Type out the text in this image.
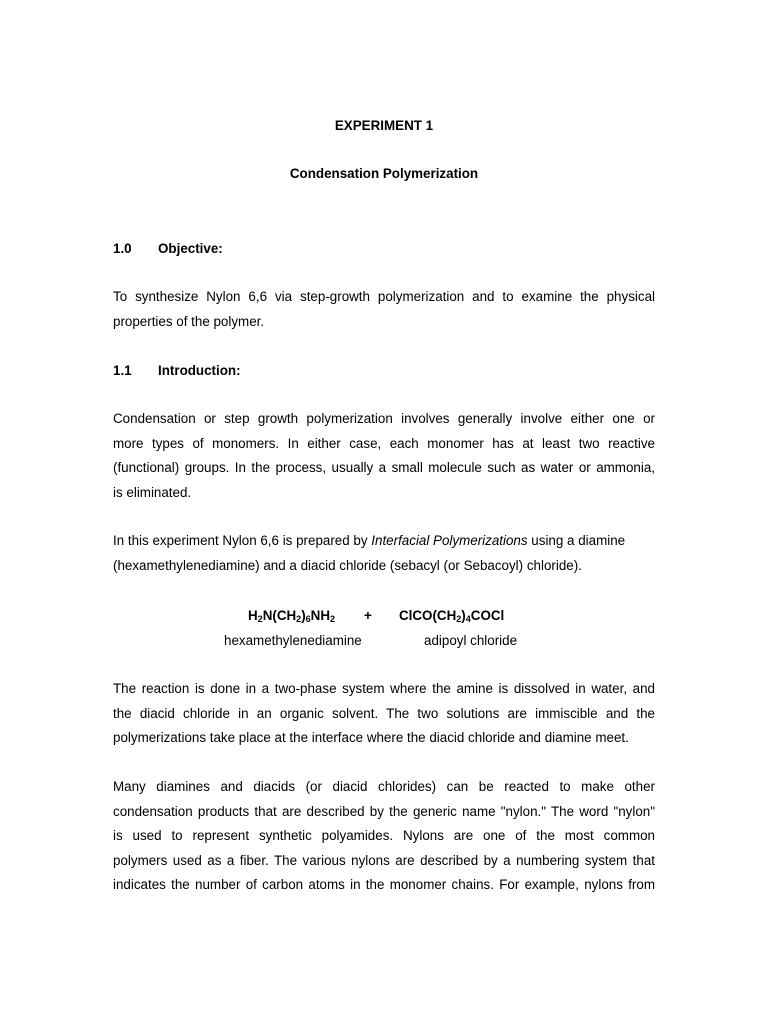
EXPERIMENT 1
Condensation Polymerization
1.0 Objective:
To synthesize Nylon 6,6 via step-growth polymerization and to examine the physical
properties of the polymer.
1.1 Introduction:
Condensation or step growth polymerization involves generally involve either one or
more types of monomers. In either case, each monomer has at least two reactive
(functional) groups. In the process, usually a small molecule such as water or ammonia,
is eliminated.
In this experiment Nylon 6,6 is prepared by Interfacial Polymerizations using a diamine
(hexamethylenediamine) and a diacid chloride (sebacyl (or Sebacoyl) chloride).
$H_2N(CH_2)_6NH_2$ + $ClCO(CH_2)_4COCl$
hexamethylenediamine	adipoyl chloride
The reaction is done in a two-phase system where the amine is dissolved in water, and
the diacid chloride in an organic solvent. The two solutions are immiscible and the
polymerizations take place at the interface where the diacid chloride and diamine meet.
Many diamines and diacids (or diacid chlorides) can be reacted to make other
condensation products that are described by the generic name "nylon." The word "nylon"
is used to represent synthetic polyamides. Nylons are one of the most common
polymers used as a fiber. The various nylons are described by a numbering system that
indicates the number of carbon atoms in the monomer chains. For example, nylons from
